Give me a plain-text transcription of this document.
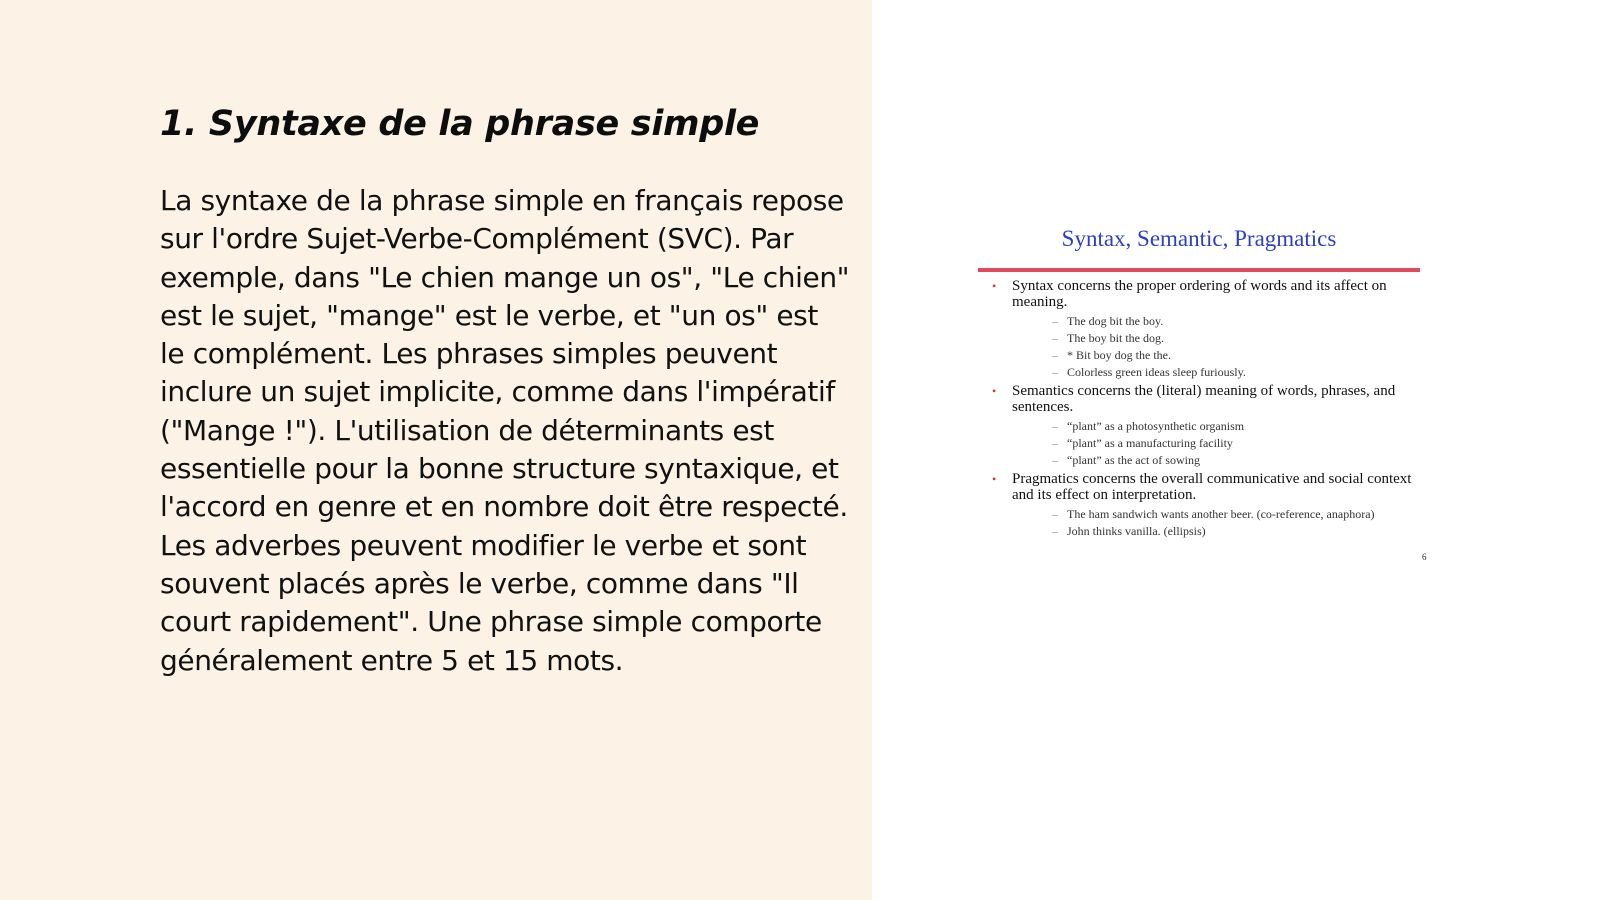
1. Syntaxe de la phrase simple

La syntaxe de la phrase simple en français repose sur l'ordre Sujet-Verbe-Complément (SVC). Par exemple, dans "Le chien mange un os", "Le chien" est le sujet, "mange" est le verbe, et "un os" est le complément. Les phrases simples peuvent inclure un sujet implicite, comme dans l'impératif ("Mange !"). L'utilisation de déterminants est essentielle pour la bonne structure syntaxique, et l'accord en genre et en nombre doit être respecté. Les adverbes peuvent modifier le verbe et sont souvent placés après le verbe, comme dans "Il court rapidement". Une phrase simple comporte généralement entre 5 et 15 mots.

Syntax, Semantic, Pragmatics
• Syntax concerns the proper ordering of words and its affect on meaning.
– The dog bit the boy.
– The boy bit the dog.
– * Bit boy dog the the.
– Colorless green ideas sleep furiously.
• Semantics concerns the (literal) meaning of words, phrases, and sentences.
– “plant” as a photosynthetic organism
– “plant” as a manufacturing facility
– “plant” as the act of sowing
• Pragmatics concerns the overall communicative and social context and its effect on interpretation.
– The ham sandwich wants another beer. (co-reference, anaphora)
– John thinks vanilla. (ellipsis)
6
